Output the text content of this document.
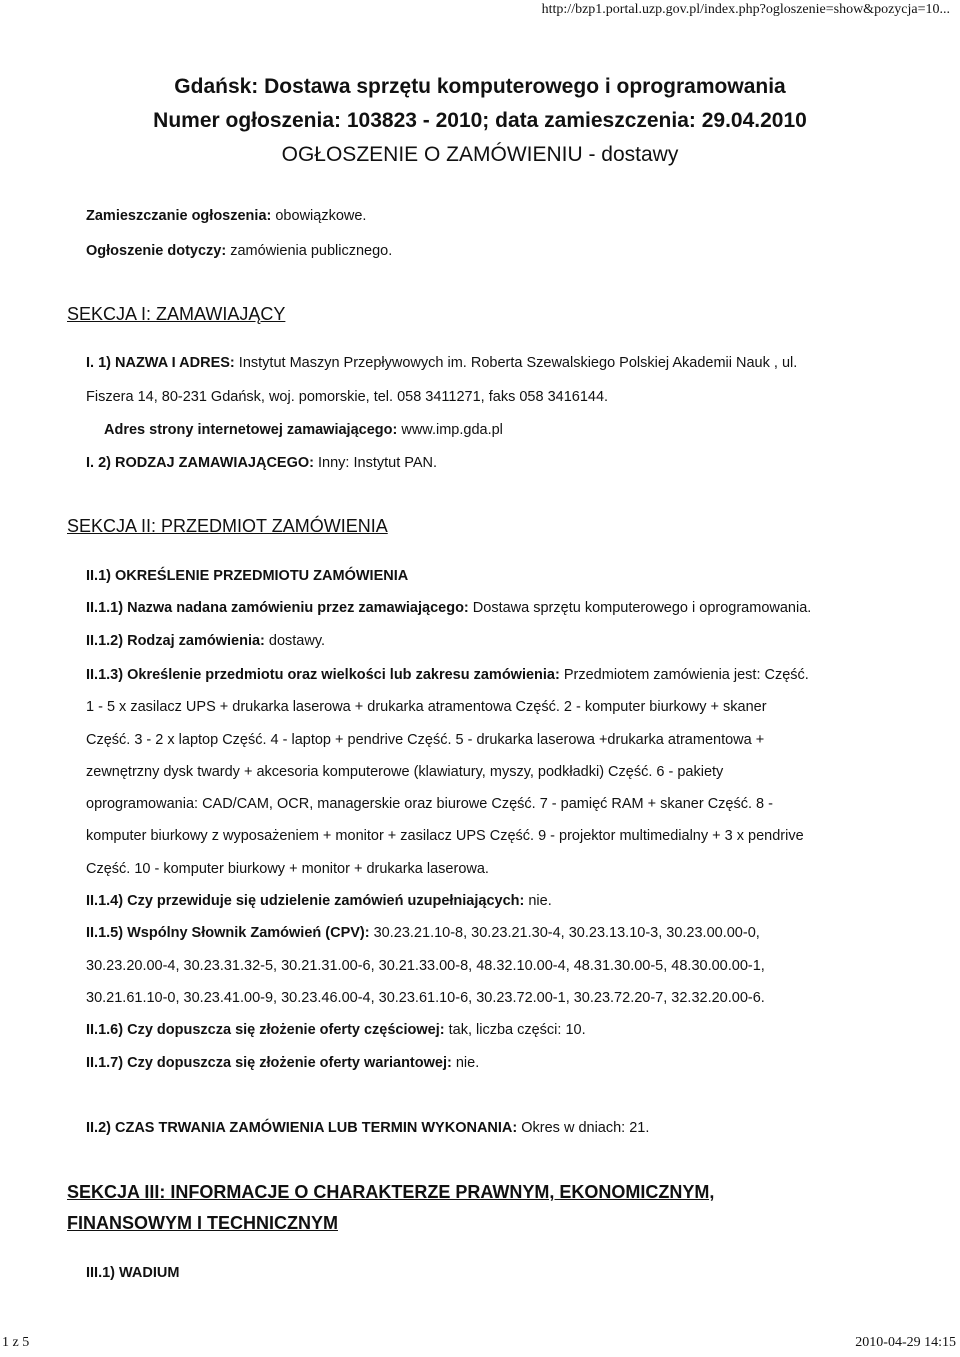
http://bzp1.portal.uzp.gov.pl/index.php?ogloszenie=show&pozycja=10...
Gdańsk: Dostawa sprzętu komputerowego i oprogramowania
Numer ogłoszenia: 103823 - 2010; data zamieszczenia: 29.04.2010
OGŁOSZENIE O ZAMÓWIENIU - dostawy
Zamieszczanie ogłoszenia: obowiązkowe.
Ogłoszenie dotyczy: zamówienia publicznego.
SEKCJA I: ZAMAWIAJĄCY
I. 1) NAZWA I ADRES: Instytut Maszyn Przepływowych im. Roberta Szewalskiego Polskiej Akademii Nauk , ul.
Fiszera 14, 80-231 Gdańsk, woj. pomorskie, tel. 058 3411271, faks 058 3416144.
Adres strony internetowej zamawiającego: www.imp.gda.pl
I. 2) RODZAJ ZAMAWIAJĄCEGO: Inny: Instytut PAN.
SEKCJA II: PRZEDMIOT ZAMÓWIENIA
II.1) OKREŚLENIE PRZEDMIOTU ZAMÓWIENIA
II.1.1) Nazwa nadana zamówieniu przez zamawiającego: Dostawa sprzętu komputerowego i oprogramowania.
II.1.2) Rodzaj zamówienia: dostawy.
II.1.3) Określenie przedmiotu oraz wielkości lub zakresu zamówienia: Przedmiotem zamówienia jest: Część.
1 - 5 x zasilacz UPS + drukarka laserowa + drukarka atramentowa Część. 2 - komputer biurkowy + skaner
Część. 3 - 2 x laptop Część. 4 - laptop + pendrive Część. 5 - drukarka laserowa +drukarka atramentowa +
zewnętrzny dysk twardy + akcesoria komputerowe (klawiatury, myszy, podkładki) Część. 6 - pakiety
oprogramowania: CAD/CAM, OCR, managerskie oraz biurowe Część. 7 - pamięć RAM + skaner Część. 8 -
komputer biurkowy z wyposażeniem + monitor + zasilacz UPS Część. 9 - projektor multimedialny + 3 x pendrive
Część. 10 - komputer biurkowy + monitor + drukarka laserowa.
II.1.4) Czy przewiduje się udzielenie zamówień uzupełniających: nie.
II.1.5) Wspólny Słownik Zamówień (CPV): 30.23.21.10-8, 30.23.21.30-4, 30.23.13.10-3, 30.23.00.00-0,
30.23.20.00-4, 30.23.31.32-5, 30.21.31.00-6, 30.21.33.00-8, 48.32.10.00-4, 48.31.30.00-5, 48.30.00.00-1,
30.21.61.10-0, 30.23.41.00-9, 30.23.46.00-4, 30.23.61.10-6, 30.23.72.00-1, 30.23.72.20-7, 32.32.20.00-6.
II.1.6) Czy dopuszcza się złożenie oferty częściowej: tak, liczba części: 10.
II.1.7) Czy dopuszcza się złożenie oferty wariantowej: nie.
II.2) CZAS TRWANIA ZAMÓWIENIA LUB TERMIN WYKONANIA: Okres w dniach: 21.
SEKCJA III: INFORMACJE O CHARAKTERZE PRAWNYM, EKONOMICZNYM,
FINANSOWYM I TECHNICZNYM
III.1) WADIUM
1 z 5	2010-04-29 14:15
